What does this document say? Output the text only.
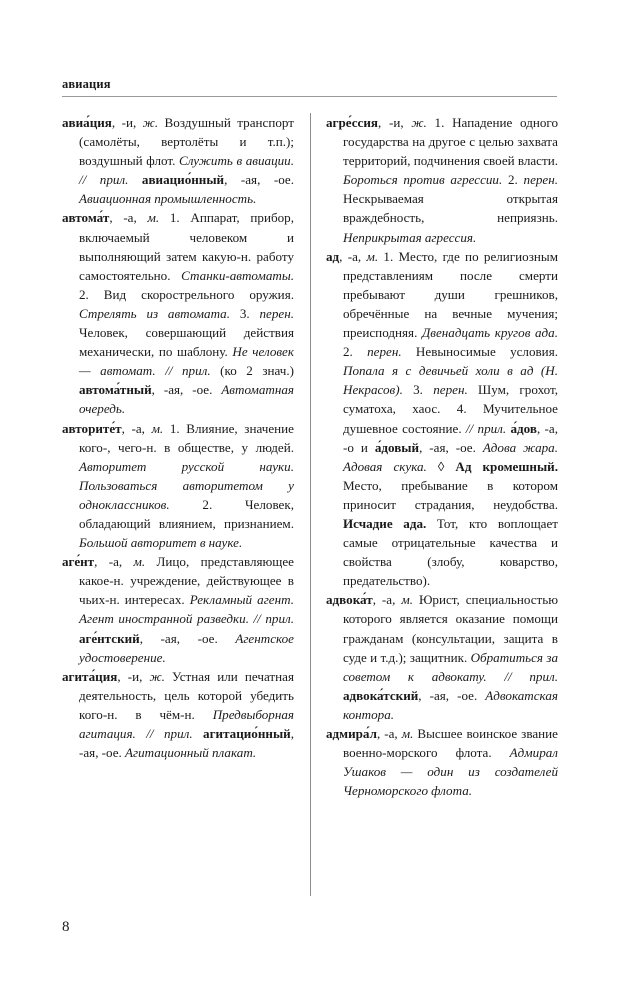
авиация

авиа́ция, -и, ж. Воздушный транспорт (самолёты, вертолёты и т.п.); воздушный флот. Служить в авиации. // прил. авиацио́нный, -ая, -ое. Авиационная промышленность.

автома́т, -а, м. 1. Аппарат, прибор, включаемый человеком и выполняющий затем какую-н. работу самостоятельно. Станки-автоматы. 2. Вид скорострельного оружия. Стрелять из автомата. 3. перен. Человек, совершающий действия механически, по шаблону. Не человек — автомат. // прил. (ко 2 знач.) автома́тный, -ая, -ое. Автоматная очередь.

авторите́т, -а, м. 1. Влияние, значение кого-, чего-н. в обществе, у людей. Авторитет русской науки. Пользоваться авторитетом у одноклассников. 2. Человек, обладающий влиянием, признанием. Большой авторитет в науке.

аге́нт, -а, м. Лицо, представляющее какое-н. учреждение, действующее в чьих-н. интересах. Рекламный агент. Агент иностранной разведки. // прил. аге́нтский, -ая, -ое. Агентское удостоверение.

агита́ция, -и, ж. Устная или печатная деятельность, цель которой убедить кого-н. в чём-н. Предвыборная агитация. // прил. агитацио́нный, -ая, -ое. Агитационный плакат.

агре́ссия, -и, ж. 1. Нападение одного государства на другое с целью захвата территорий, подчинения своей власти. Бороться против агрессии. 2. перен. Нескрываемая открытая враждебность, неприязнь. Неприкрытая агрессия.

ад, -а, м. 1. Место, где по религиозным представлениям после смерти пребывают души грешников, обречённые на вечные мучения; преисподняя. Двенадцать кругов ада. 2. перен. Невыносимые условия. Попала я с девичьей холи в ад (Н. Некрасов). 3. перен. Шум, грохот, суматоха, хаос. 4. Мучительное душевное состояние. // прил. а́дов, -а, -о и а́довый, -ая, -ое. Адова жара. Адовая скука. ◊ Ад кромешный. Место, пребывание в котором приносит страдания, неудобства. Исчадие ада. Тот, кто воплощает самые отрицательные качества и свойства (злобу, коварство, предательство).

адвока́т, -а, м. Юрист, специальностью которого является оказание помощи гражданам (консультации, защита в суде и т.д.); защитник. Обратиться за советом к адвокату. // прил. адвока́тский, -ая, -ое. Адвокатская контора.

адмира́л, -а, м. Высшее воинское звание военно-морского флота. Адмирал Ушаков — один из создателей Черноморского флота.

8
